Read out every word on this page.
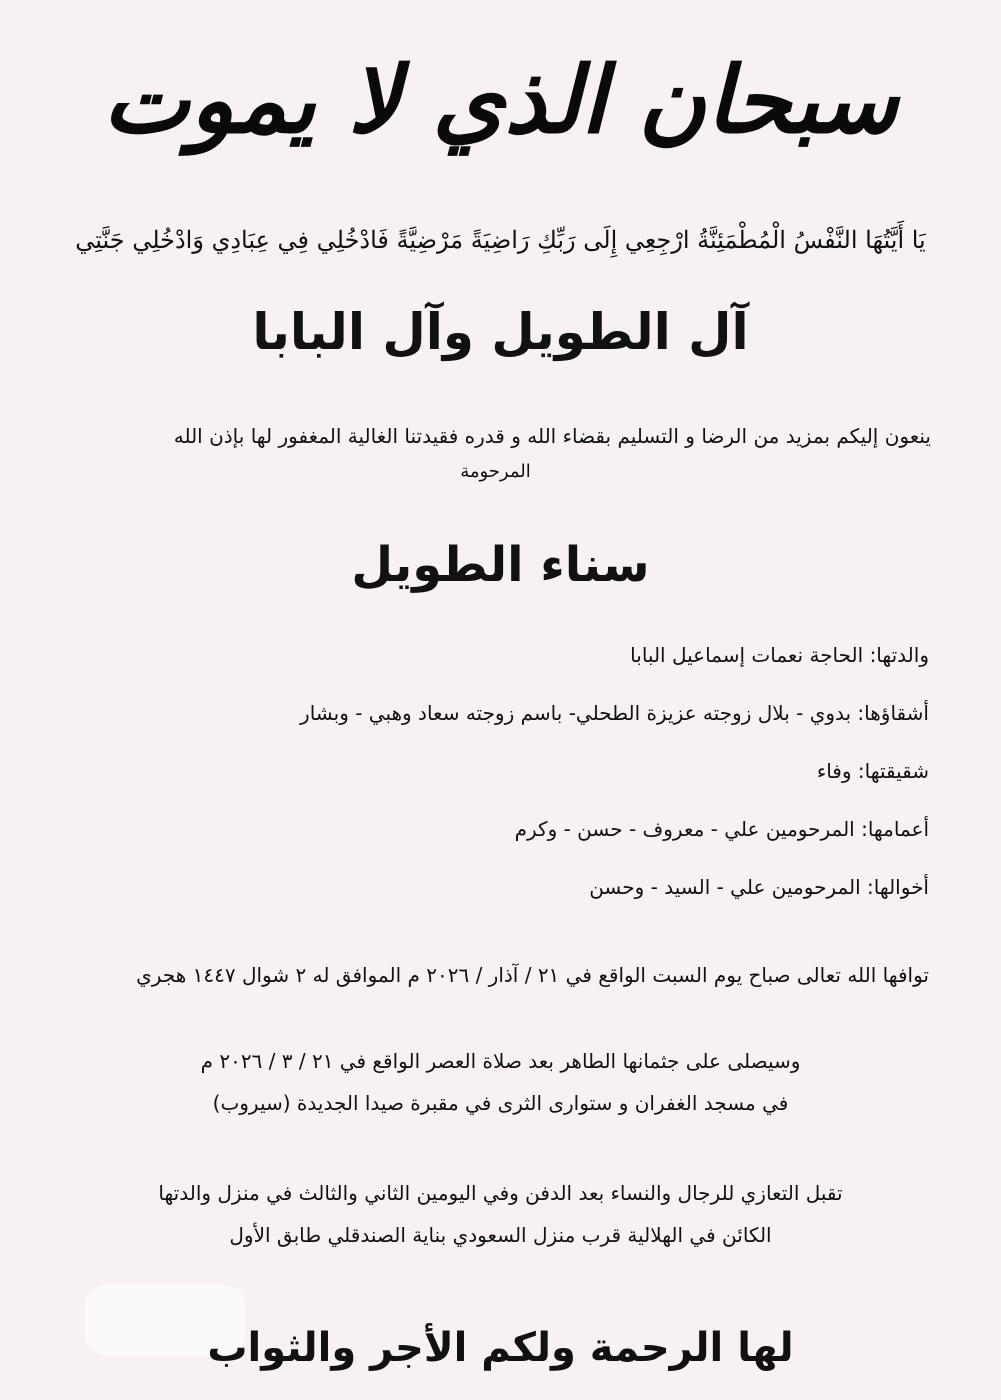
سبحان الذي لا يموت
يَا أَيَّتُهَا النَّفْسُ الْمُطْمَئِنَّةُ ارْجِعِي إِلَى رَبِّكِ رَاضِيَةً مَرْضِيَّةً فَادْخُلِي فِي عِبَادِي وَادْخُلِي جَنَّتِي
آل الطويل وآل البابا
ينعون إليكم بمزيد من الرضا و التسليم بقضاء الله و قدره فقيدتنا الغالية المغفور لها بإذن الله
المرحومة
سناء الطويل
والدتها: الحاجة نعمات إسماعيل البابا
أشقاؤها: بدوي - بلال زوجته عزيزة الطحلي- باسم زوجته سعاد وهبي - وبشار
شقيقتها: وفاء
أعمامها: المرحومين علي - معروف - حسن - وكرم
أخوالها: المرحومين علي - السيد - وحسن
توافها الله تعالى صباح يوم السبت الواقع في ٢١ / آذار / ٢٠٢٦ م الموافق له ٢ شوال ١٤٤٧ هجري
وسيصلى على جثمانها الطاهر بعد صلاة العصر الواقع في ٢١ / ٣ / ٢٠٢٦ م
في مسجد الغفران و ستوارى الثرى في مقبرة صيدا الجديدة (سيروب)
تقبل التعازي للرجال والنساء بعد الدفن وفي اليومين الثاني والثالث في منزل والدتها
الكائن في الهلالية قرب منزل السعودي بناية الصندقلي طابق الأول
لها الرحمة ولكم الأجر والثواب
